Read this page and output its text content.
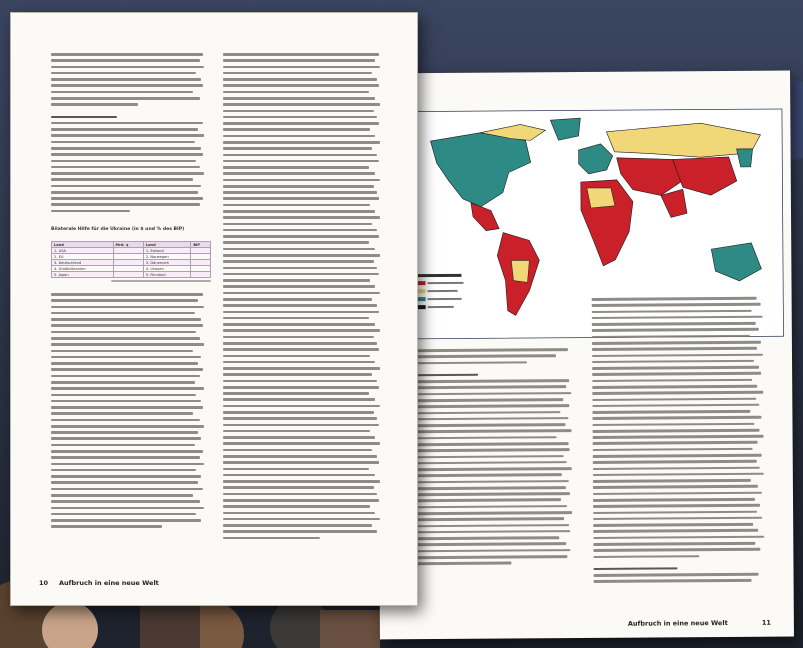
Aufbruch in eine neue Welt	11
Bilaterale Hilfe für die Ukraine (in $ und % des BIP)
Land	Mrd. $	Land	BIP
1. USA		1. Estland	
2. EU		2. Norwegen	
3. Deutschland		3. Dänemark	
4. Großbritannien		4. Litauen	
5. Japan		5. Finnland	
10 Aufbruch in eine neue Welt
